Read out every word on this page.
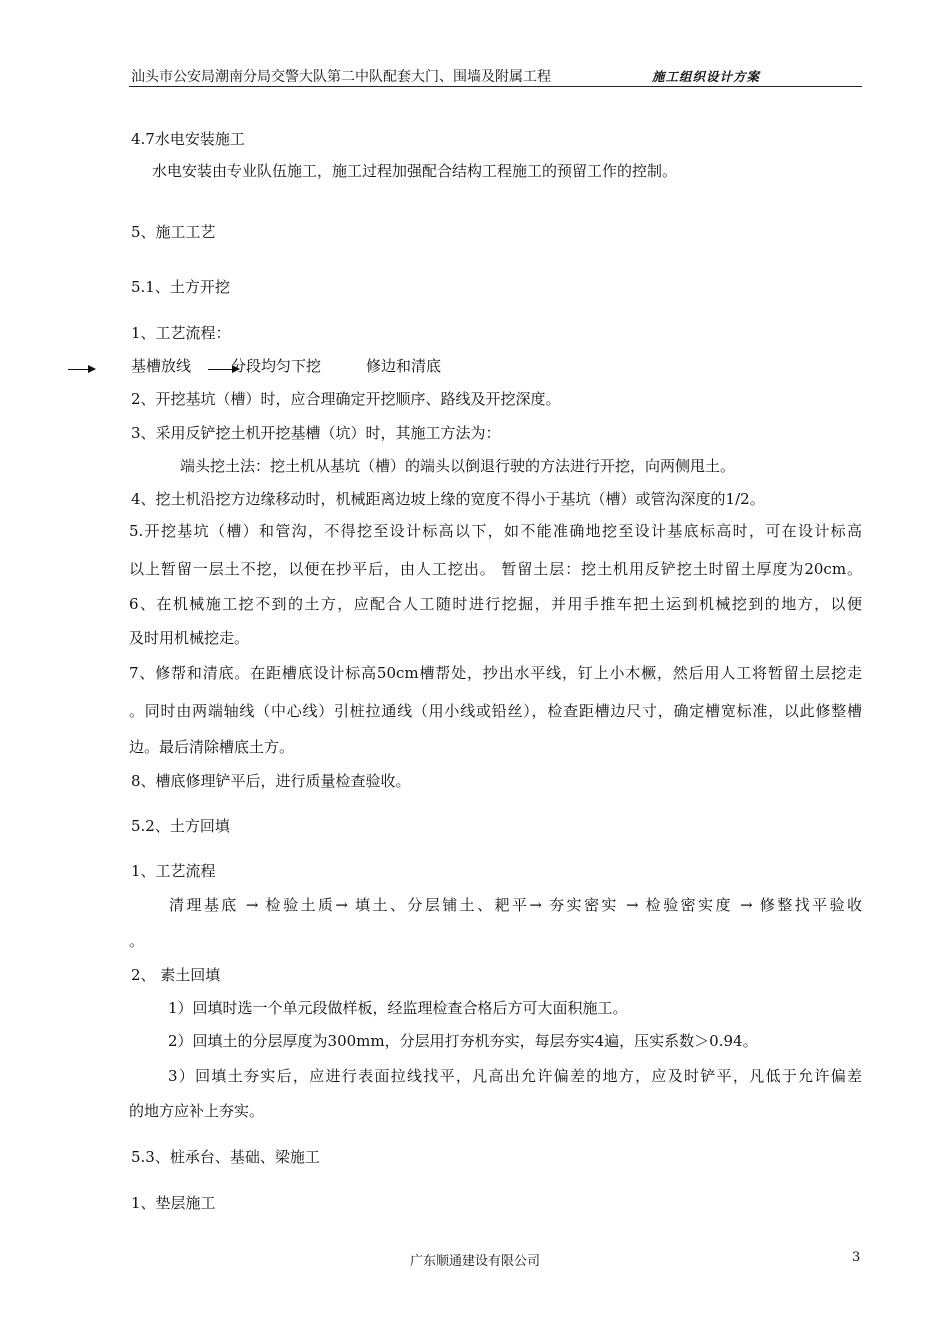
汕头市公安局潮南分局交警大队第二中队配套大门、围墙及附属工程	施工组织设计方案
4.7水电安装施工
水电安装由专业队伍施工，施工过程加强配合结构工程施工的预留工作的控制。
5、施工工艺
5.1、土方开挖
1、工艺流程：
基槽放线	分段均匀下挖	修边和清底
2、开挖基坑（槽）时，应合理确定开挖顺序、路线及开挖深度。
3、采用反铲挖土机开挖基槽（坑）时，其施工方法为：
端头挖土法：挖土机从基坑（槽）的端头以倒退行驶的方法进行开挖，向两侧甩土。
4、挖土机沿挖方边缘移动时，机械距离边坡上缘的宽度不得小于基坑（槽）或管沟深度的1/2。
5.开挖基坑（槽）和管沟，不得挖至设计标高以下，如不能准确地挖至设计基底标高时，可在设计标高
以上暂留一层土不挖，以便在抄平后，由人工挖出。 暂留土层：挖土机用反铲挖土时留土厚度为20cm。
6、在机械施工挖不到的土方，应配合人工随时进行挖掘，并用手推车把土运到机械挖到的地方，以便
及时用机械挖走。
7、修帮和清底。在距槽底设计标高50cm槽帮处，抄出水平线，钉上小木橛，然后用人工将暂留土层挖走
。同时由两端轴线（中心线）引桩拉通线（用小线或铅丝），检查距槽边尺寸，确定槽宽标准，以此修整槽
边。最后清除槽底土方。
8、槽底修理铲平后，进行质量检查验收。
5.2、土方回填
1、工艺流程
清理基底 → 检验土质→ 填土、分层铺土、耙平→ 夯实密实 → 检验密实度 → 修整找平验收
。
2、 素土回填
1）回填时选一个单元段做样板，经监理检查合格后方可大面积施工。
2）回填土的分层厚度为300mm，分层用打夯机夯实，每层夯实4遍，压实系数＞0.94。
3）回填土夯实后，应进行表面拉线找平，凡高出允许偏差的地方，应及时铲平，凡低于允许偏差
的地方应补上夯实。
5.3、桩承台、基础、梁施工
1、垫层施工
广东顺通建设有限公司	3
